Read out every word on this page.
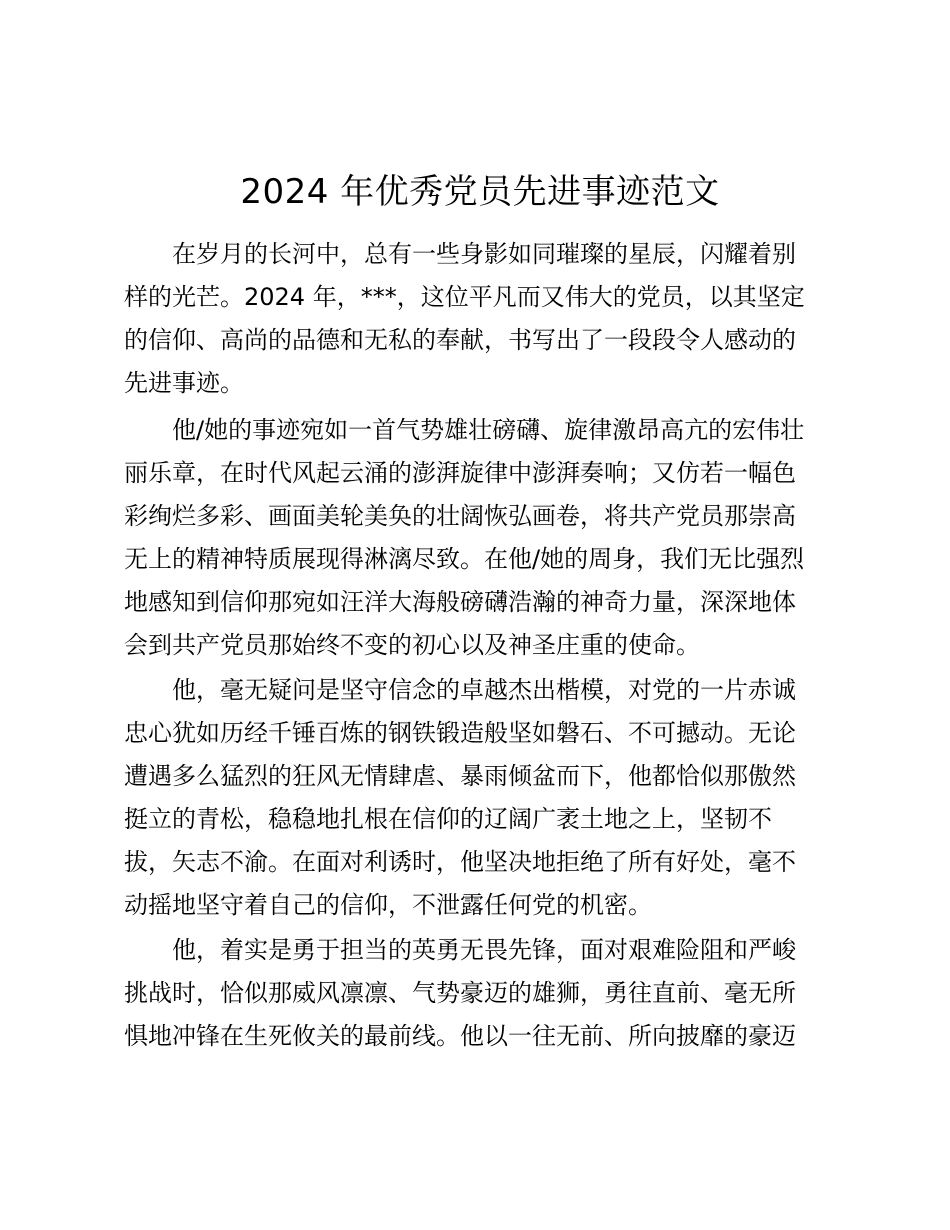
2024 年优秀党员先进事迹范文
在岁月的长河中，总有一些身影如同璀璨的星辰，闪耀着别
样的光芒。2024 年，***，这位平凡而又伟大的党员，以其坚定
的信仰、高尚的品德和无私的奉献，书写出了一段段令人感动的
先进事迹。
他/她的事迹宛如一首气势雄壮磅礴、旋律激昂高亢的宏伟壮
丽乐章，在时代风起云涌的澎湃旋律中澎湃奏响；又仿若一幅色
彩绚烂多彩、画面美轮美奂的壮阔恢弘画卷，将共产党员那崇高
无上的精神特质展现得淋漓尽致。在他/她的周身，我们无比强烈
地感知到信仰那宛如汪洋大海般磅礴浩瀚的神奇力量，深深地体
会到共产党员那始终不变的初心以及神圣庄重的使命。
他，毫无疑问是坚守信念的卓越杰出楷模，对党的一片赤诚
忠心犹如历经千锤百炼的钢铁锻造般坚如磐石、不可撼动。无论
遭遇多么猛烈的狂风无情肆虐、暴雨倾盆而下，他都恰似那傲然
挺立的青松，稳稳地扎根在信仰的辽阔广袤土地之上，坚韧不
拔，矢志不渝。在面对利诱时，他坚决地拒绝了所有好处，毫不
动摇地坚守着自己的信仰，不泄露任何党的机密。
他，着实是勇于担当的英勇无畏先锋，面对艰难险阻和严峻
挑战时，恰似那威风凛凛、气势豪迈的雄狮，勇往直前、毫无所
惧地冲锋在生死攸关的最前线。他以一往无前、所向披靡的豪迈
